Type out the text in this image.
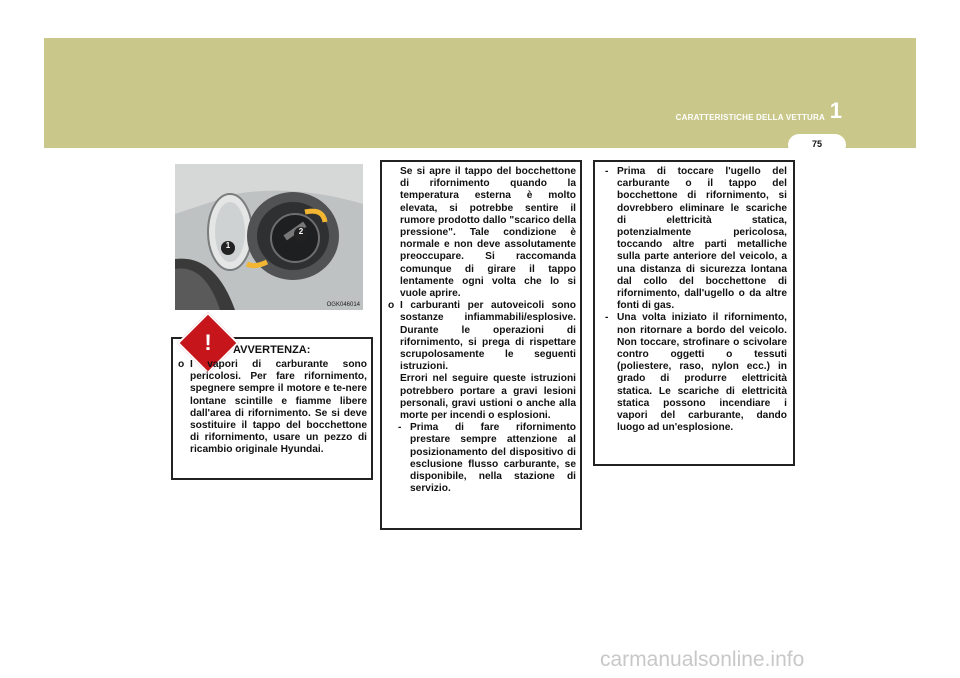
1
CARATTERISTICHE DELLA VETTURA
75
1
2
OGK046014
!	AVVERTENZA:

o I vapori di carburante sono pericolosi. Per fare rifornimento, spegnere sempre il motore e te-nere lontane scintille e fiamme libere dall'area di rifornimento. Se si deve sostituire il tappo del bocchettone di rifornimento, usare un pezzo di ricambio originale Hyundai.

Se si apre il tappo del bocchettone di rifornimento quando la temperatura esterna è molto elevata, si potrebbe sentire il rumore prodotto dallo "scarico della pressione". Tale condizione è normale e non deve assolutamente preoccupare. Si raccomanda comunque di girare il tappo lentamente ogni volta che lo si vuole aprire.

o I carburanti per autoveicoli sono sostanze infiammabili/esplosive. Durante le operazioni di rifornimento, si prega di rispettare scrupolosamente le seguenti istruzioni.

Errori nel seguire queste istruzioni potrebbero portare a gravi lesioni personali, gravi ustioni o anche alla morte per incendi o esplosioni.

- Prima di fare rifornimento prestare sempre attenzione al posizionamento del dispositivo di esclusione flusso carburante, se disponibile, nella stazione di servizio.

- Prima di toccare l'ugello del carburante o il tappo del bocchettone di rifornimento, si dovrebbero eliminare le scariche di elettricità statica, potenzialmente pericolosa, toccando altre parti metalliche sulla parte anteriore del veicolo, a una distanza di sicurezza lontana dal collo del bocchettone di rifornimento, dall'ugello o da altre fonti di gas.

- Una volta iniziato il rifornimento, non ritornare a bordo del veicolo. Non toccare, strofinare o scivolare contro oggetti o tessuti (poliestere, raso, nylon ecc.) in grado di produrre elettricità statica. Le scariche di elettricità statica possono incendiare i vapori del carburante, dando luogo ad un'esplosione.

carmanualsonline.info
